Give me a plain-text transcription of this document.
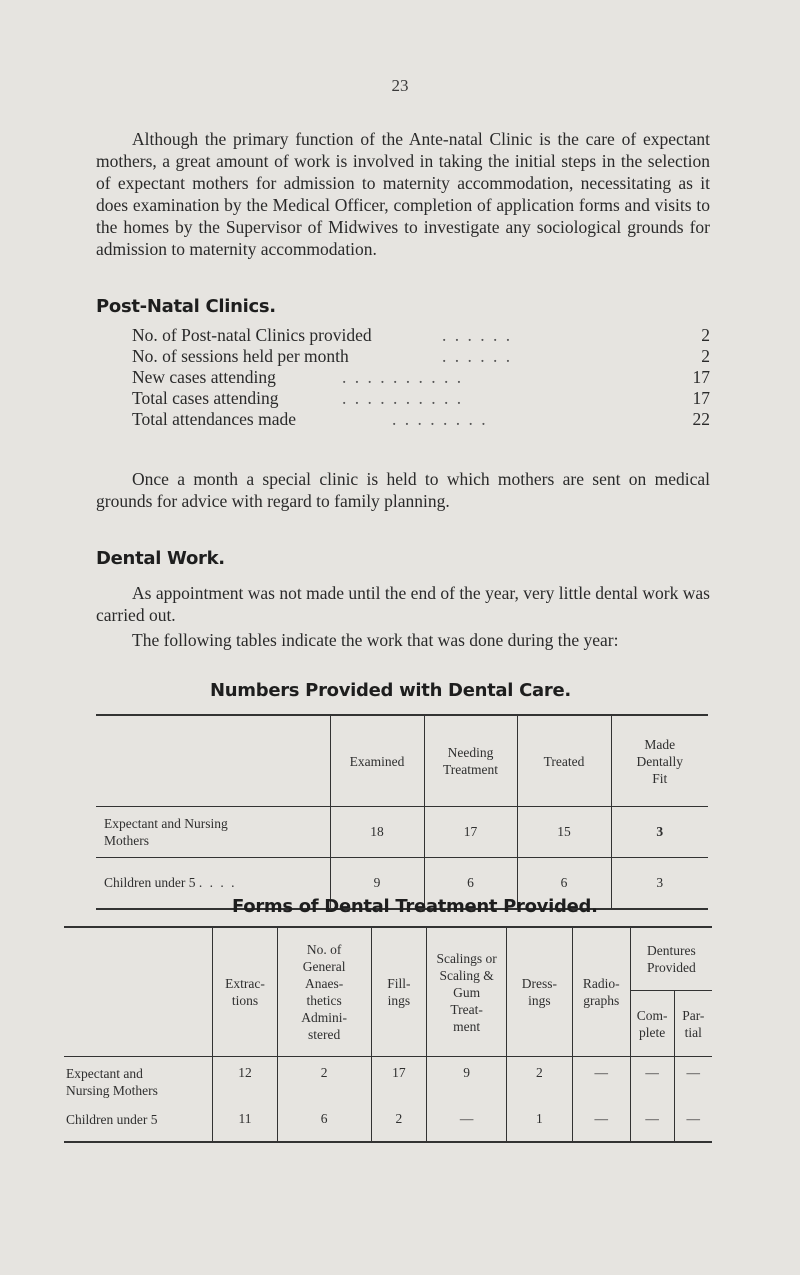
23

Although the primary function of the Ante-natal Clinic is the care of expectant mothers, a great amount of work is involved in taking the initial steps in the selection of expectant mothers for admission to maternity accommodation, necessitating as it does examination by the Medical Officer, completion of application forms and visits to the homes by the Supervisor of Midwives to investigate any sociological grounds for admission to maternity accommodation.

Post-Natal Clinics.
No. of Post-natal Clinics provided	. . . . . .	2
No. of sessions held per month	. . . . . .	2
New cases attending	. . . . . . . . . .	17
Total cases attending	. . . . . . . . . .	17
Total attendances made	. . . . . . . .	22

Once a month a special clinic is held to which mothers are sent on medical grounds for advice with regard to family planning.

Dental Work.

As appointment was not made until the end of the year, very little dental work was carried out.

The following tables indicate the work that was done during the year:

Numbers Provided with Dental Care.
	Examined	Needing Treatment	Treated	Made Dentally Fit
Expectant and Nursing Mothers	18	17	15	3
Children under 5 . . . .	9	6	6	3
Forms of Dental Treatment Provided.
	Extrac- tions	No. of General Anaes- thetics Admini- stered	Fill- ings	Scalings or Scaling & Gum Treat- ment	Dress- ings	Radio- graphs	Dentures Provided	
							Com- plete	Par- tial
Expectant and Nursing Mothers	12	2	17	9	2	—	—	—
Children under 5	11	6	2	—	1	—	—	—
